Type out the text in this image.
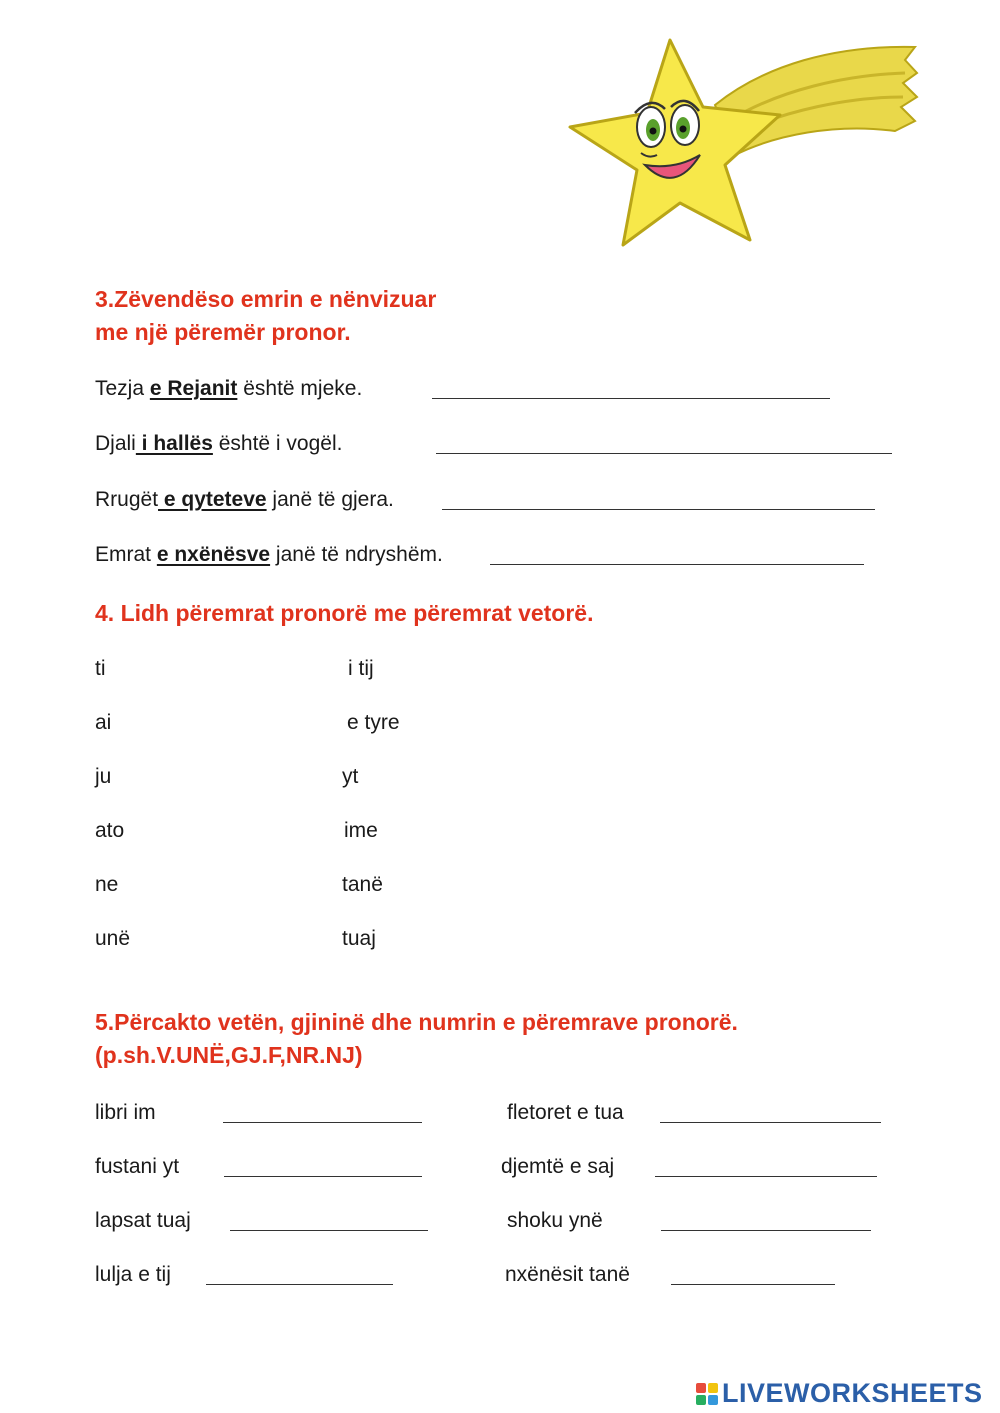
3.Zëvendëso emrin e nënvizuar
me një përemër pronor.
Tezja e Rejanit është mjeke.
Djali i hallës është i vogël.
Rrugët e qyteteve janë të gjera.
Emrat e nxënësve janë të ndryshëm.
4. Lidh përemrat pronorë me përemrat vetorë.
ti	i tij
ai	e tyre
ju	yt
ato	ime
ne	tanë
unë	tuaj
5.Përcakto vetën, gjininë dhe numrin e përemrave pronorë.
(p.sh.V.UNË,GJ.F,NR.NJ)
libri im	fletoret e tua
fustani yt	djemtë e saj
lapsat tuaj	shoku ynë
lulja e tij	nxënësit tanë
LIVEWORKSHEETS
